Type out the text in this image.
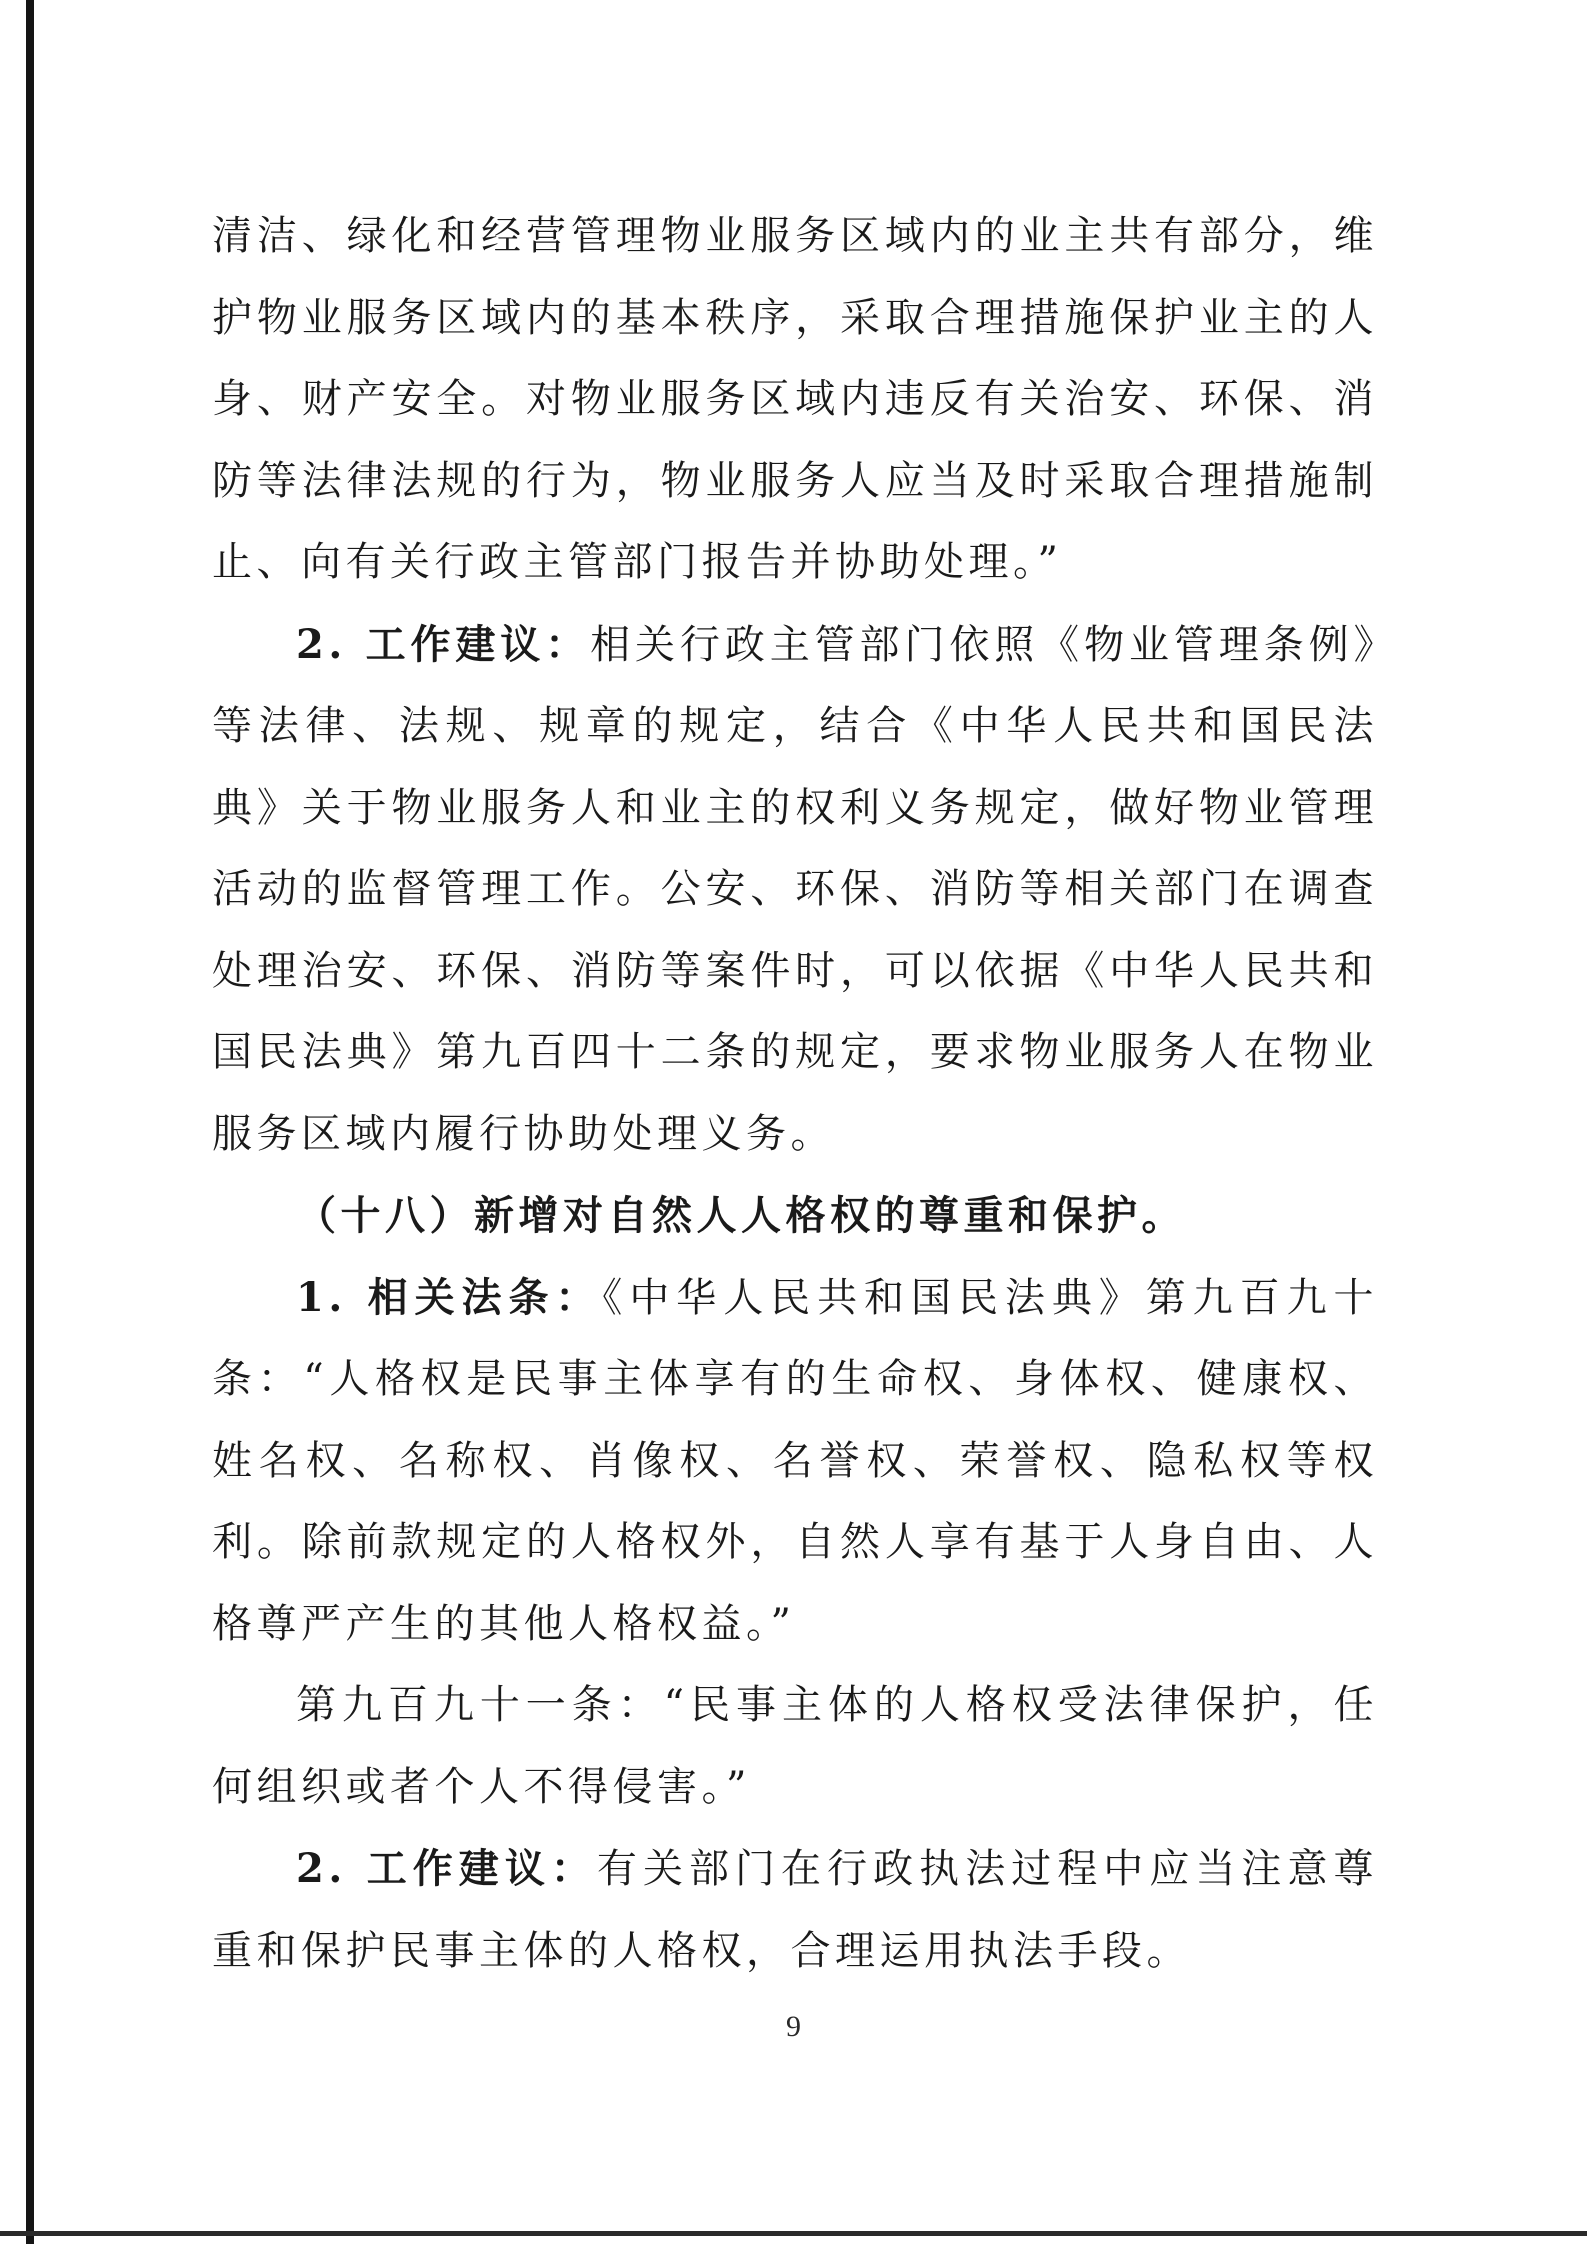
清洁、绿化和经营管理物业服务区域内的业主共有部分，维护物业服务区域内的基本秩序，采取合理措施保护业主的人身、财产安全。对物业服务区域内违反有关治安、环保、消防等法律法规的行为，物业服务人应当及时采取合理措施制止、向有关行政主管部门报告并协助处理。”

2. 工作建议：相关行政主管部门依照《物业管理条例》等法律、法规、规章的规定，结合《中华人民共和国民法典》关于物业服务人和业主的权利义务规定，做好物业管理活动的监督管理工作。公安、环保、消防等相关部门在调查处理治安、环保、消防等案件时，可以依据《中华人民共和国民法典》第九百四十二条的规定，要求物业服务人在物业服务区域内履行协助处理义务。

（十八）新增对自然人人格权的尊重和保护。

1. 相关法条：《中华人民共和国民法典》第九百九十条：“人格权是民事主体享有的生命权、身体权、健康权、姓名权、名称权、肖像权、名誉权、荣誉权、隐私权等权利。除前款规定的人格权外，自然人享有基于人身自由、人格尊严产生的其他人格权益。”

第九百九十一条：“民事主体的人格权受法律保护，任何组织或者个人不得侵害。”

2. 工作建议：有关部门在行政执法过程中应当注意尊重和保护民事主体的人格权，合理运用执法手段。

9
